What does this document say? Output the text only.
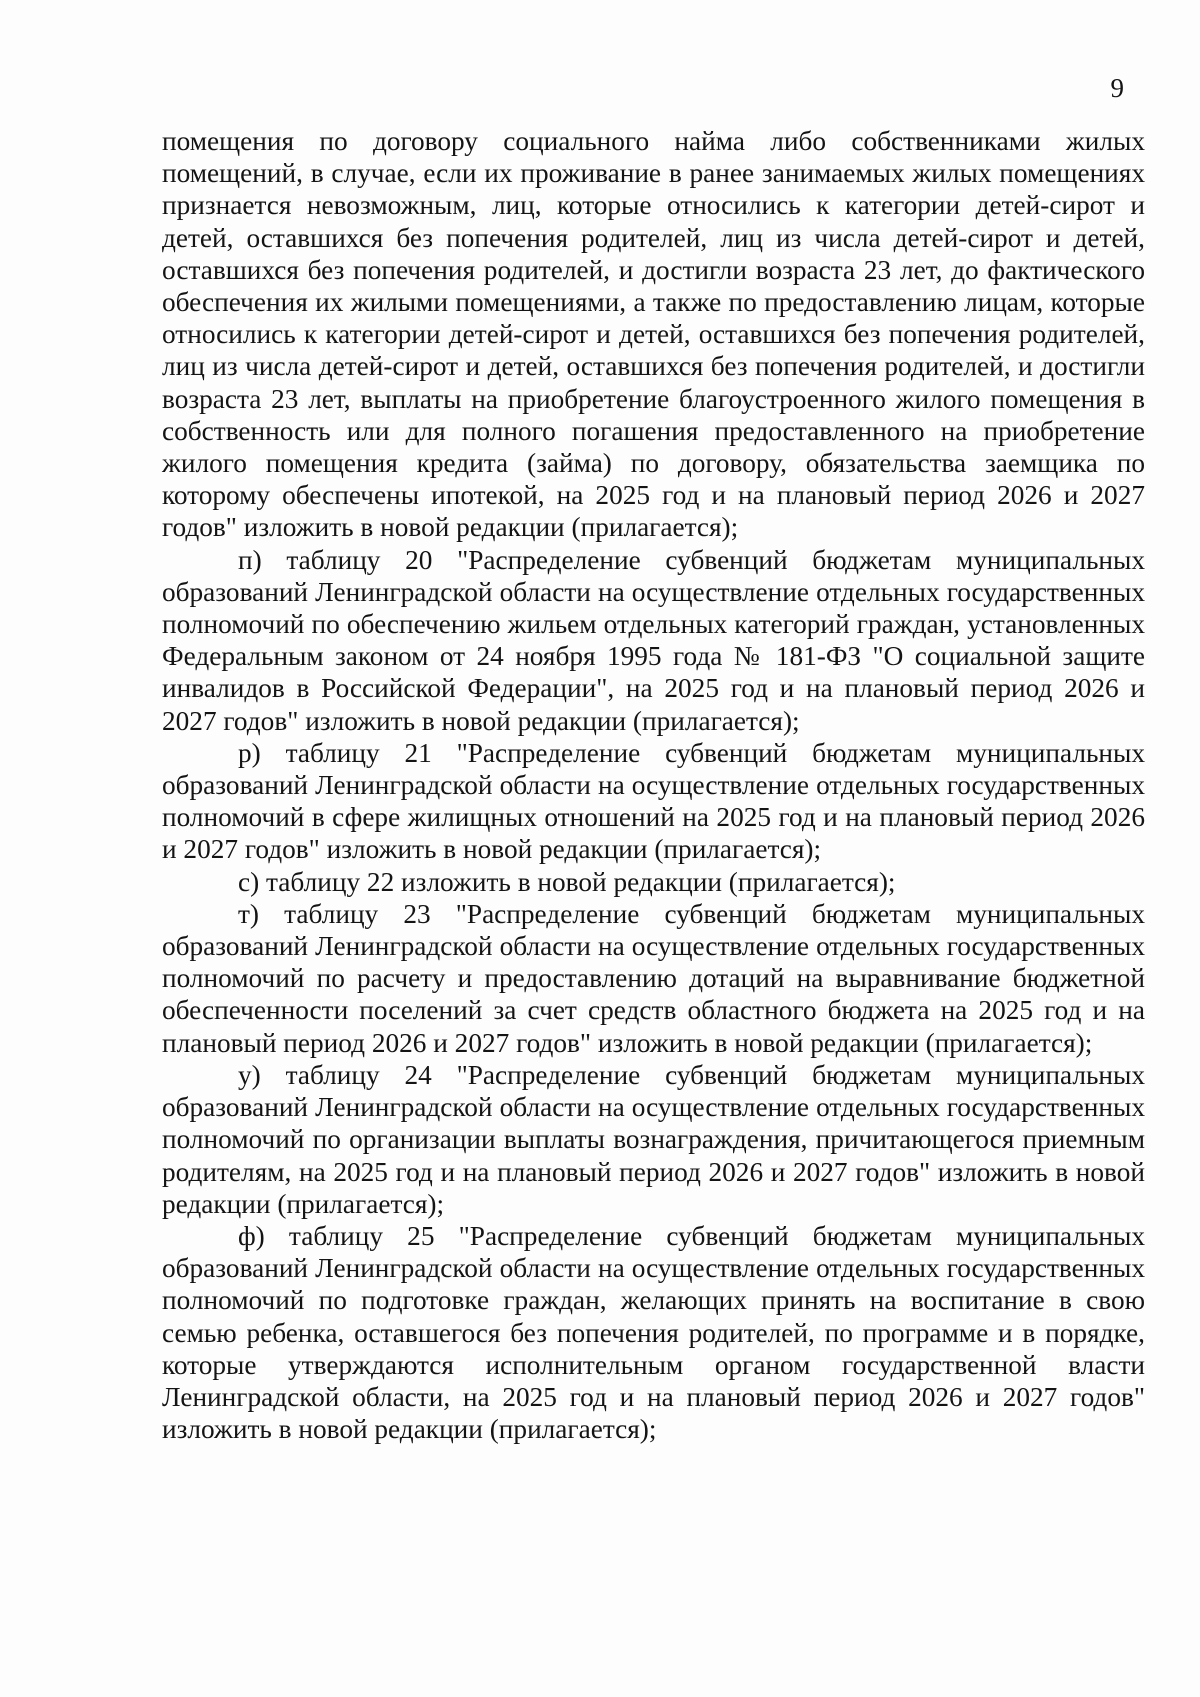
9

помещения по договору социального найма либо собственниками жилых помещений, в случае, если их проживание в ранее занимаемых жилых помещениях признается невозможным, лиц, которые относились к категории детей-сирот и детей, оставшихся без попечения родителей, лиц из числа детей-сирот и детей, оставшихся без попечения родителей, и достигли возраста 23 лет, до фактического обеспечения их жилыми помещениями, а также по предоставлению лицам, которые относились к категории детей-сирот и детей, оставшихся без попечения родителей, лиц из числа детей-сирот и детей, оставшихся без попечения родителей, и достигли возраста 23 лет, выплаты на приобретение благоустроенного жилого помещения в собственность или для полного погашения предоставленного на приобретение жилого помещения кредита (займа) по договору, обязательства заемщика по которому обеспечены ипотекой, на 2025 год и на плановый период 2026 и 2027 годов" изложить в новой редакции (прилагается);

п) таблицу 20 "Распределение субвенций бюджетам муниципальных образований Ленинградской области на осуществление отдельных государственных полномочий по обеспечению жильем отдельных категорий граждан, установленных Федеральным законом от 24 ноября 1995 года № 181-ФЗ "О социальной защите инвалидов в Российской Федерации", на 2025 год и на плановый период 2026 и 2027 годов" изложить в новой редакции (прилагается);

р) таблицу 21 "Распределение субвенций бюджетам муниципальных образований Ленинградской области на осуществление отдельных государственных полномочий в сфере жилищных отношений на 2025 год и на плановый период 2026 и 2027 годов" изложить в новой редакции (прилагается);

с) таблицу 22 изложить в новой редакции (прилагается);

т) таблицу 23 "Распределение субвенций бюджетам муниципальных образований Ленинградской области на осуществление отдельных государственных полномочий по расчету и предоставлению дотаций на выравнивание бюджетной обеспеченности поселений за счет средств областного бюджета на 2025 год и на плановый период 2026 и 2027 годов" изложить в новой редакции (прилагается);

у) таблицу 24 "Распределение субвенций бюджетам муниципальных образований Ленинградской области на осуществление отдельных государственных полномочий по организации выплаты вознаграждения, причитающегося приемным родителям, на 2025 год и на плановый период 2026 и 2027 годов" изложить в новой редакции (прилагается);

ф) таблицу 25 "Распределение субвенций бюджетам муниципальных образований Ленинградской области на осуществление отдельных государственных полномочий по подготовке граждан, желающих принять на воспитание в свою семью ребенка, оставшегося без попечения родителей, по программе и в порядке, которые утверждаются исполнительным органом государственной власти Ленинградской области, на 2025 год и на плановый период 2026 и 2027 годов" изложить в новой редакции (прилагается);
